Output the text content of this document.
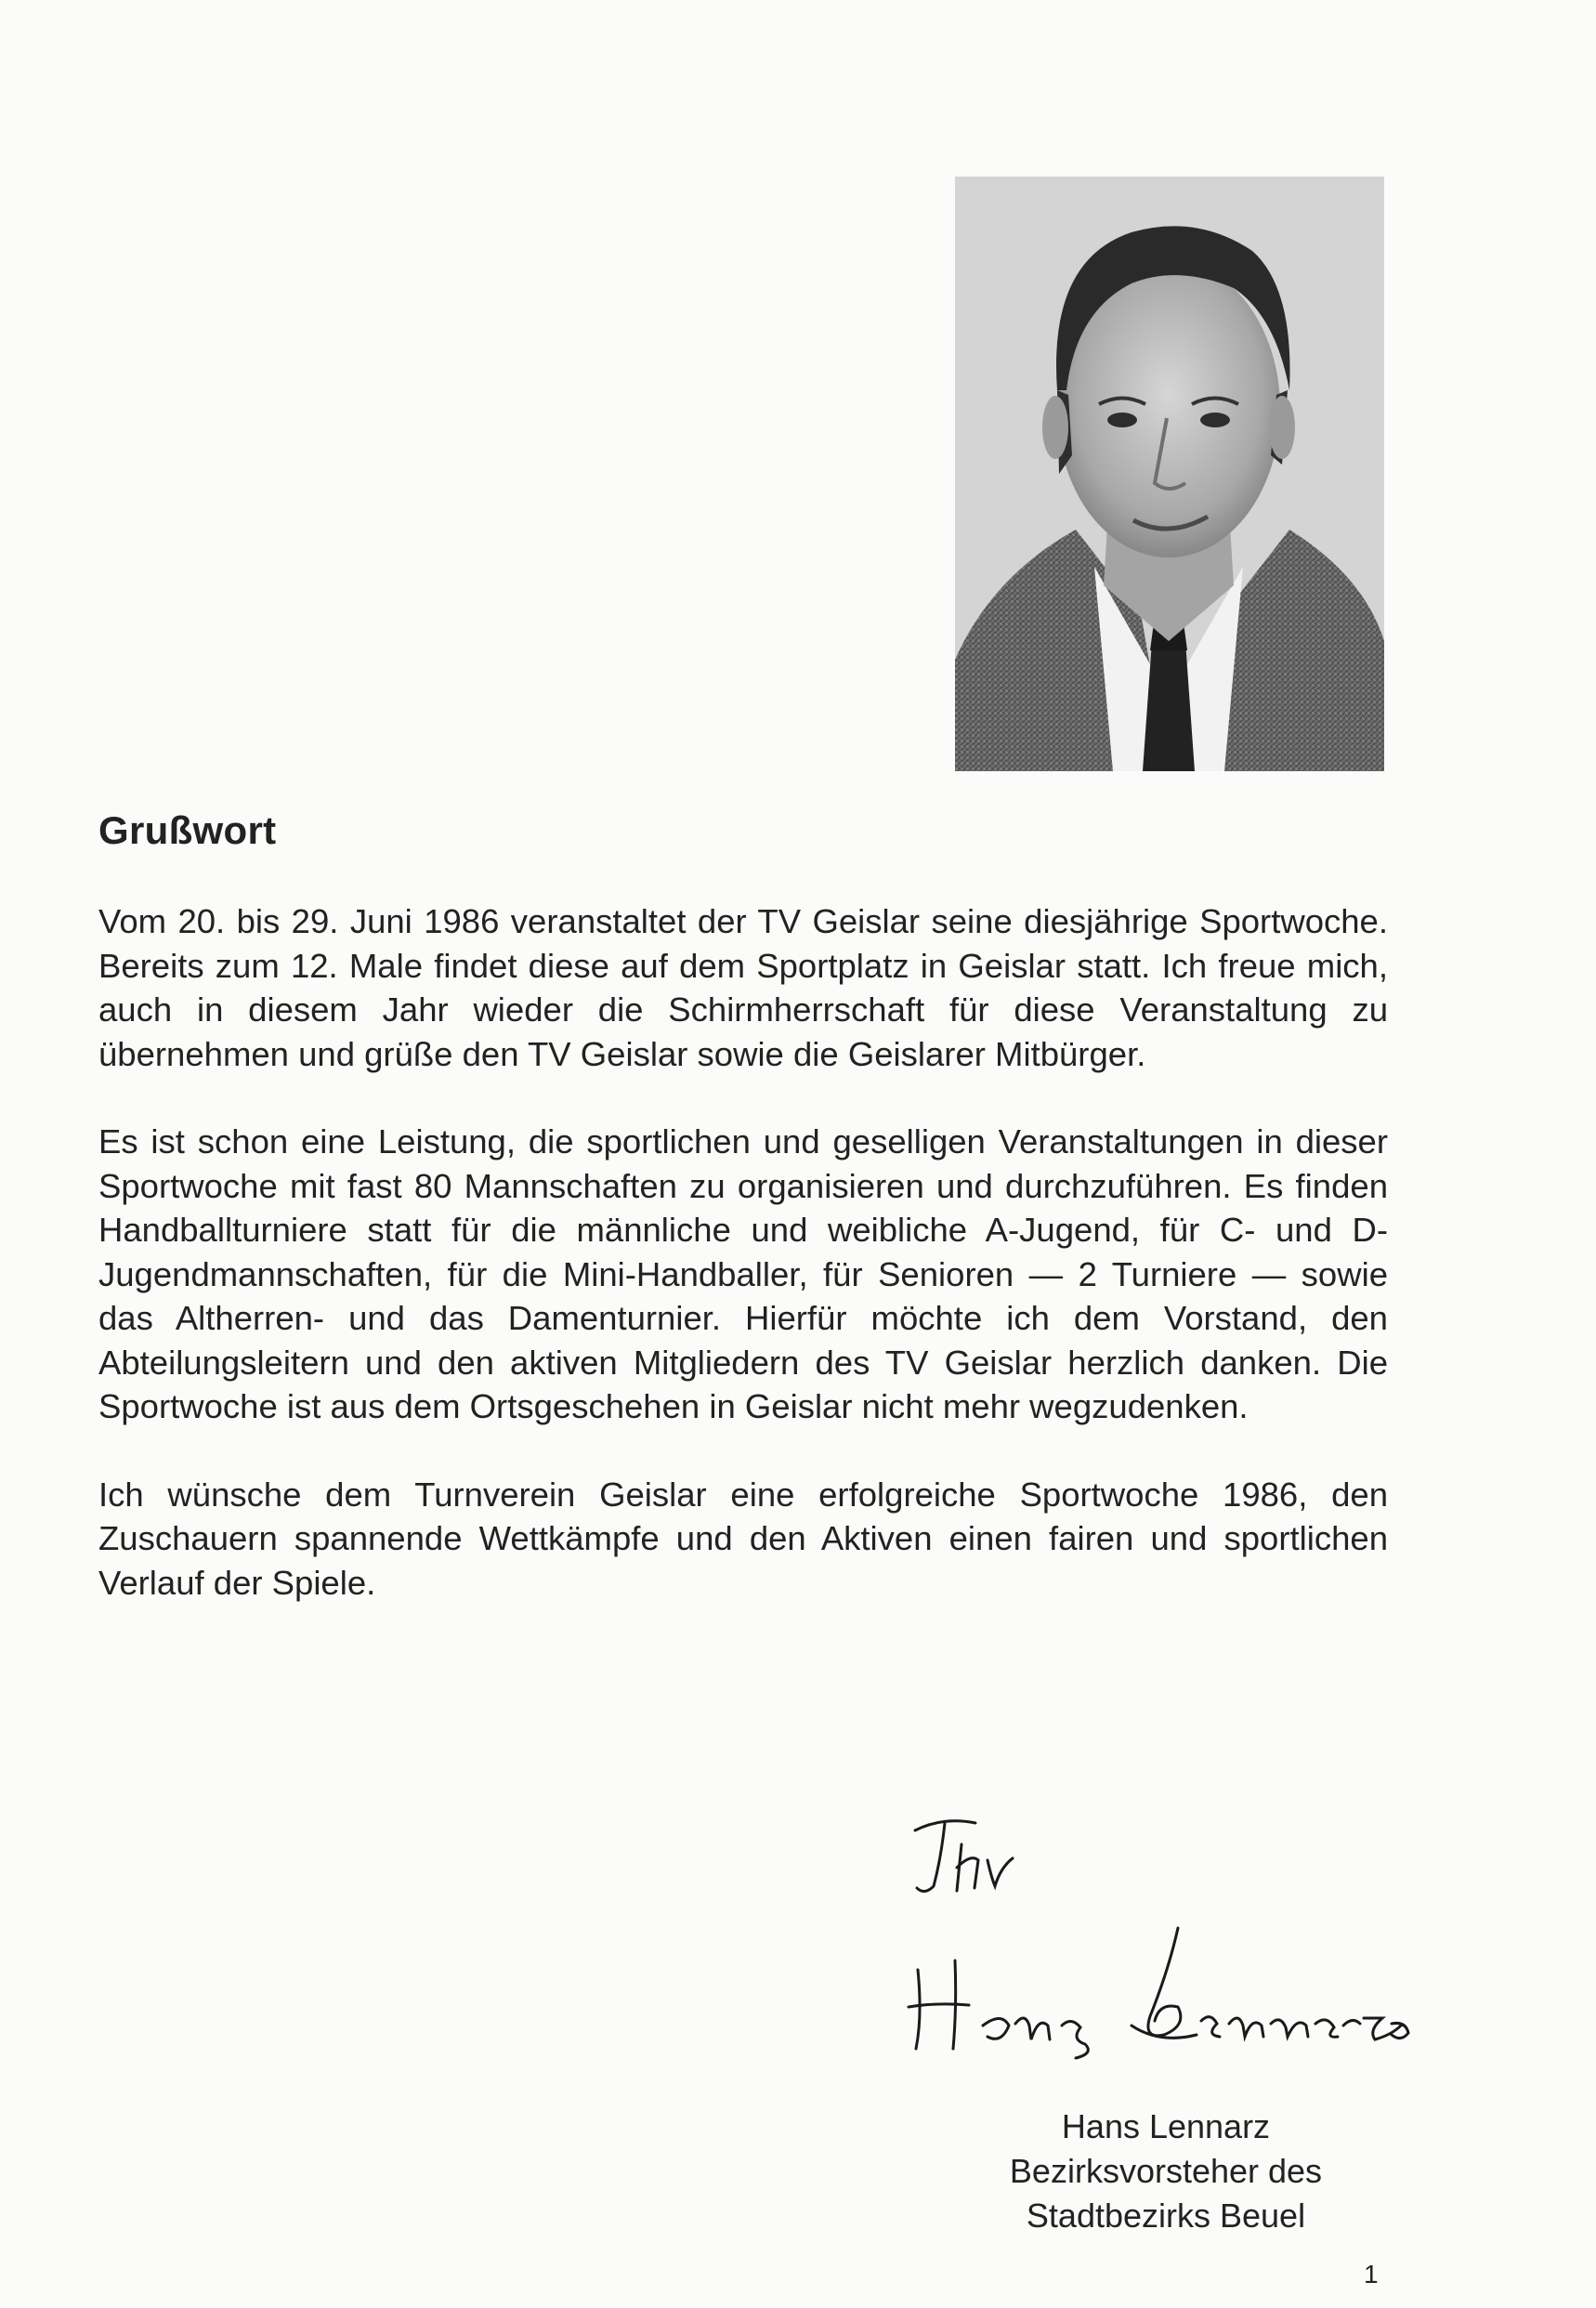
Grußwort

Vom 20. bis 29. Juni 1986 veranstaltet der TV Geislar seine diesjährige Sportwoche. Bereits zum 12. Male findet diese auf dem Sportplatz in Geislar statt. Ich freue mich, auch in diesem Jahr wieder die Schirmherrschaft für diese Veranstaltung zu übernehmen und grüße den TV Geislar sowie die Geislarer Mitbürger.

Es ist schon eine Leistung, die sportlichen und geselligen Veranstaltungen in dieser Sportwoche mit fast 80 Mannschaften zu organisieren und durchzuführen. Es finden Handballturniere statt für die männliche und weibliche A-Jugend, für C- und D-Jugendmannschaften, für die Mini-Handballer, für Senioren — 2 Turniere — sowie das Altherren- und das Damenturnier. Hierfür möchte ich dem Vorstand, den Abteilungsleitern und den aktiven Mitgliedern des TV Geislar herzlich danken. Die Sportwoche ist aus dem Ortsgeschehen in Geislar nicht mehr wegzudenken.

Ich wünsche dem Turnverein Geislar eine erfolgreiche Sportwoche 1986, den Zuschauern spannende Wettkämpfe und den Aktiven einen fairen und sportlichen Verlauf der Spiele.

Hans Lennarz
Bezirksvorsteher des
Stadtbezirks Beuel
1
